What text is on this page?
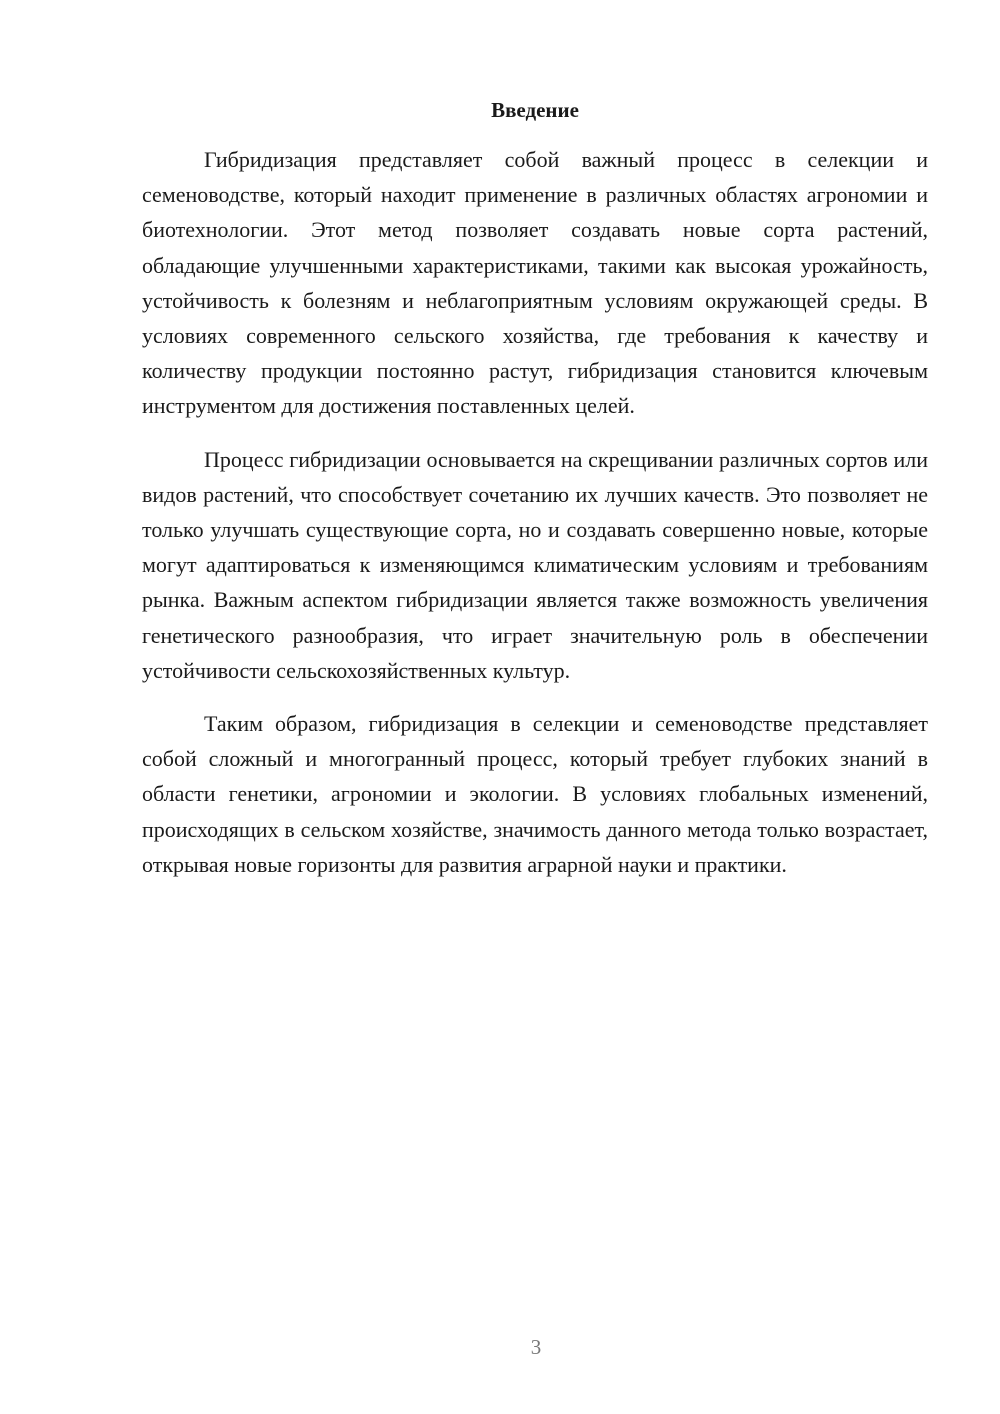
Введение

Гибридизация представляет собой важный процесс в селекции и семеноводстве, который находит применение в различных областях агрономии и биотехнологии. Этот метод позволяет создавать новые сорта растений, обладающие улучшенными характеристиками, такими как высокая урожайность, устойчивость к болезням и неблагоприятным условиям окружающей среды. В условиях современного сельского хозяйства, где требования к качеству и количеству продукции постоянно растут, гибридизация становится ключевым инструментом для достижения поставленных целей.

Процесс гибридизации основывается на скрещивании различных сортов или видов растений, что способствует сочетанию их лучших качеств. Это позволяет не только улучшать существующие сорта, но и создавать совершенно новые, которые могут адаптироваться к изменяющимся климатическим условиям и требованиям рынка. Важным аспектом гибридизации является также возможность увеличения генетического разнообразия, что играет значительную роль в обеспечении устойчивости сельскохозяйственных культур.

Таким образом, гибридизация в селекции и семеноводстве представляет собой сложный и многогранный процесс, который требует глубоких знаний в области генетики, агрономии и экологии. В условиях глобальных изменений, происходящих в сельском хозяйстве, значимость данного метода только возрастает, открывая новые горизонты для развития аграрной науки и практики.

3
